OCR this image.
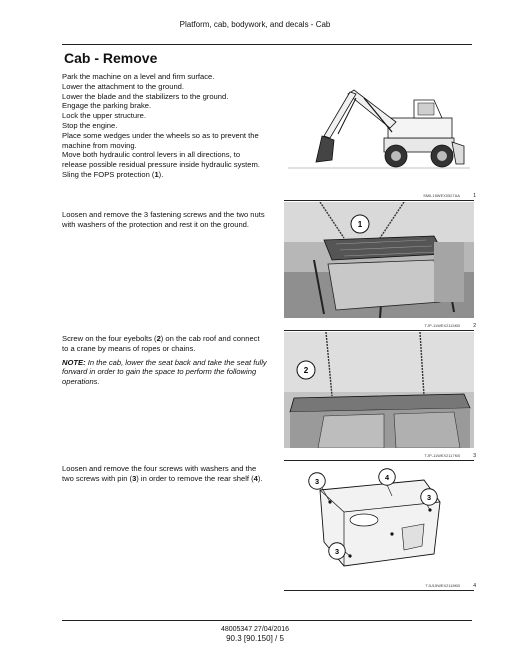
Platform, cab, bodywork, and decals - Cab
Cab - Remove

Park the machine on a level and firm surface.

Lower the attachment to the ground.

Lower the blade and the stabilizers to the ground.

Engage the parking brake.

Lock the upper structure.

Stop the engine.

Place some wedges under the wheels so as to prevent the machine from moving.

Move both hydraulic control levers in all directions, to release possible residual pressure inside hydraulic system.

Sling the FOPS protection (1).

SMIL15WEX0527AA	1

Loosen and remove the 3 fastening screws and the two nuts with washers of the protection and rest it on the ground.	1
TJP-11WEX2115KB	2

Screw on the four eyebolts (2) on the cab roof and connect to a crane by means of ropes or chains.

NOTE: In the cab, lower the seat back and take the seat fully forward in order to gain the space to perform the following operations.

2
TJP-11WEX2117KB	3

Loosen and remove the four screws with washers and the two screws with pin (3) in order to remove the rear shelf (4).	3	4
3
3
TJU15WEX2118KB	4
48005347 27/04/2016
90.3 [90.150] / 5
